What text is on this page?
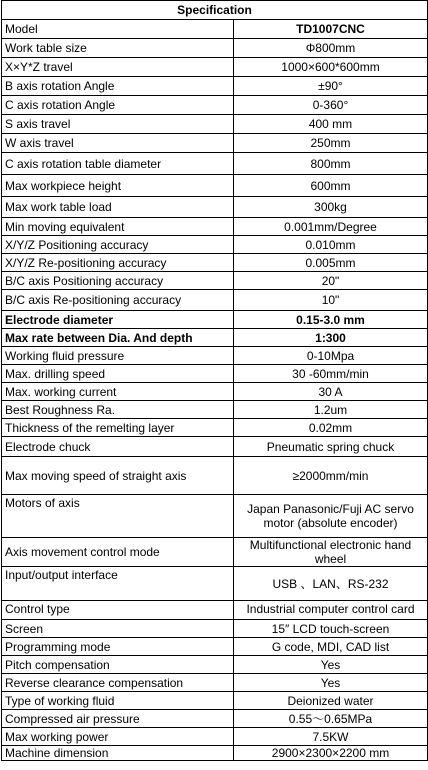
Specification	
Model	TD1007CNC
Work table size	Φ800mm
X×Y*Z travel	1000×600*600mm
B axis rotation Angle	±90°
C axis rotation Angle	0-360°
S axis travel	400 mm
W axis travel	250mm
C axis rotation table diameter	800mm
Max workpiece height	600mm
Max work table load	300kg
Min moving equivalent	0.001mm/Degree
X/Y/Z Positioning accuracy	0.010mm
X/Y/Z Re-positioning accuracy	0.005mm
B/C axis Positioning accuracy	20"
B/C axis Re-positioning accuracy	10"
Electrode diameter	0.15-3.0 mm
Max rate between Dia. And depth	1:300
Working fluid pressure	0-10Mpa
Max. drilling speed	30 -60mm/min
Max. working current	30 A
Best Roughness Ra.	1.2um
Thickness of the remelting layer	0.02mm
Electrode chuck	Pneumatic spring chuck
Max moving speed of straight axis	≥2000mm/min
Motors of axis	Japan Panasonic/Fuji AC servo motor (absolute encoder)
Axis movement control mode	Multifunctional electronic hand wheel
Input/output interface	USB 、LAN、RS-232
Control type	Industrial computer control card
Screen	15″ LCD touch-screen
Programming mode	G code, MDI, CAD list
Pitch compensation	Yes
Reverse clearance compensation	Yes
Type of working fluid	Deionized water
Compressed air pressure	0.55～0.65MPa
Max working power	7.5KW
Machine dimension	2900×2300×2200 mm
